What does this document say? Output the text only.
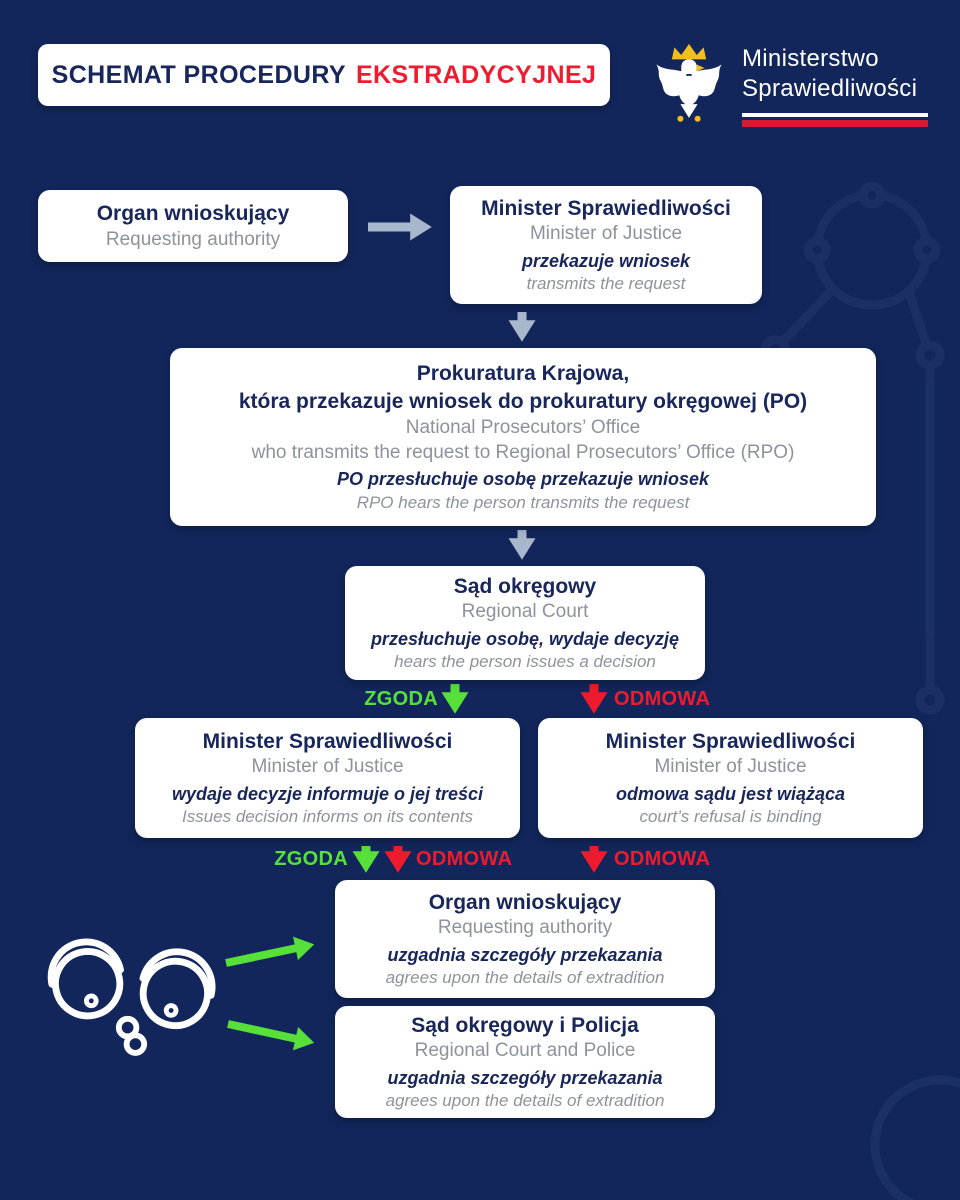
SCHEMAT PROCEDURY EKSTRADYCYJNEJ
Ministerstwo
Sprawiedliwości
Organ wnioskujący
Requesting authority
Minister Sprawiedliwości
Minister of Justice
przekazuje wniosek
transmits the request
Prokuratura Krajowa,
która przekazuje wniosek do prokuratury okręgowej (PO)
National Prosecutors’ Office
who transmits the request to Regional Prosecutors’ Office (RPO)
PO przesłuchuje osobę przekazuje wniosek
RPO hears the person transmits the request
Sąd okręgowy
Regional Court
przesłuchuje osobę, wydaje decyzję
hears the person issues a decision
Minister Sprawiedliwości
Minister of Justice
wydaje decyzje informuje o jej treści
Issues decision informs on its contents
Minister Sprawiedliwości
Minister of Justice
odmowa sądu jest wiążąca
court’s refusal is binding
Organ wnioskujący
Requesting authority
uzgadnia szczegóły przekazania
agrees upon the details of extradition
Sąd okręgowy i Policja
Regional Court and Police
uzgadnia szczegóły przekazania
agrees upon the details of extradition
ZGODA	ODMOWA
ZGODA	ODMOWA	ODMOWA
